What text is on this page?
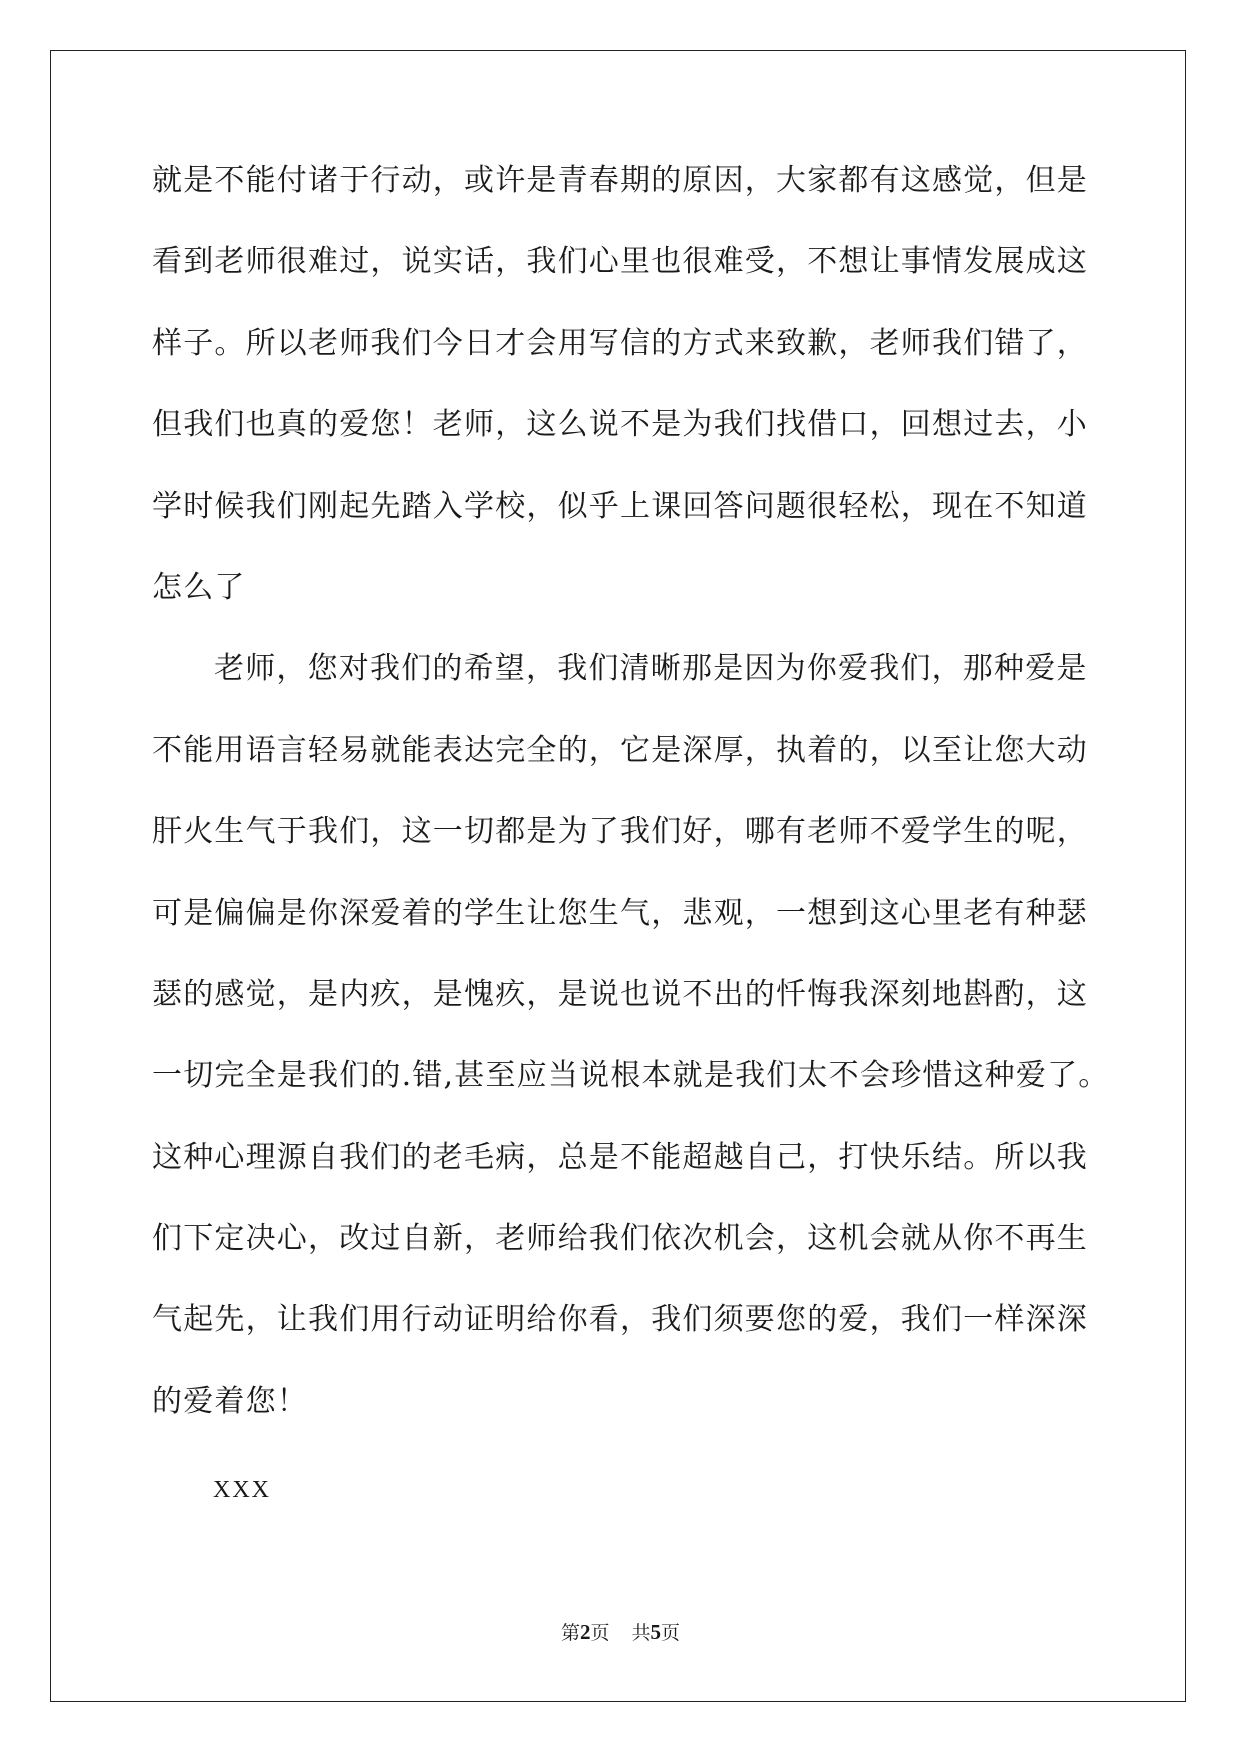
就是不能付诸于行动，或许是青春期的原因，大家都有这感觉，但是
看到老师很难过，说实话，我们心里也很难受，不想让事情发展成这
样子。所以老师我们今日才会用写信的方式来致歉，老师我们错了，
但我们也真的爱您！老师，这么说不是为我们找借口，回想过去，小
学时候我们刚起先踏入学校，似乎上课回答问题很轻松，现在不知道
怎么了
老师，您对我们的希望，我们清晰那是因为你爱我们，那种爱是
不能用语言轻易就能表达完全的，它是深厚，执着的，以至让您大动
肝火生气于我们，这一切都是为了我们好，哪有老师不爱学生的呢，
可是偏偏是你深爱着的学生让您生气，悲观，一想到这心里老有种瑟
瑟的感觉，是内疚，是愧疚，是说也说不出的忏悔我深刻地斟酌，这
一切完全是我们的.错,甚至应当说根本就是我们太不会珍惜这种爱了。
这种心理源自我们的老毛病，总是不能超越自己，打快乐结。所以我
们下定决心，改过自新，老师给我们依次机会，这机会就从你不再生
气起先，让我们用行动证明给你看，我们须要您的爱，我们一样深深
的爱着您！
XXX
第2页 共5页
